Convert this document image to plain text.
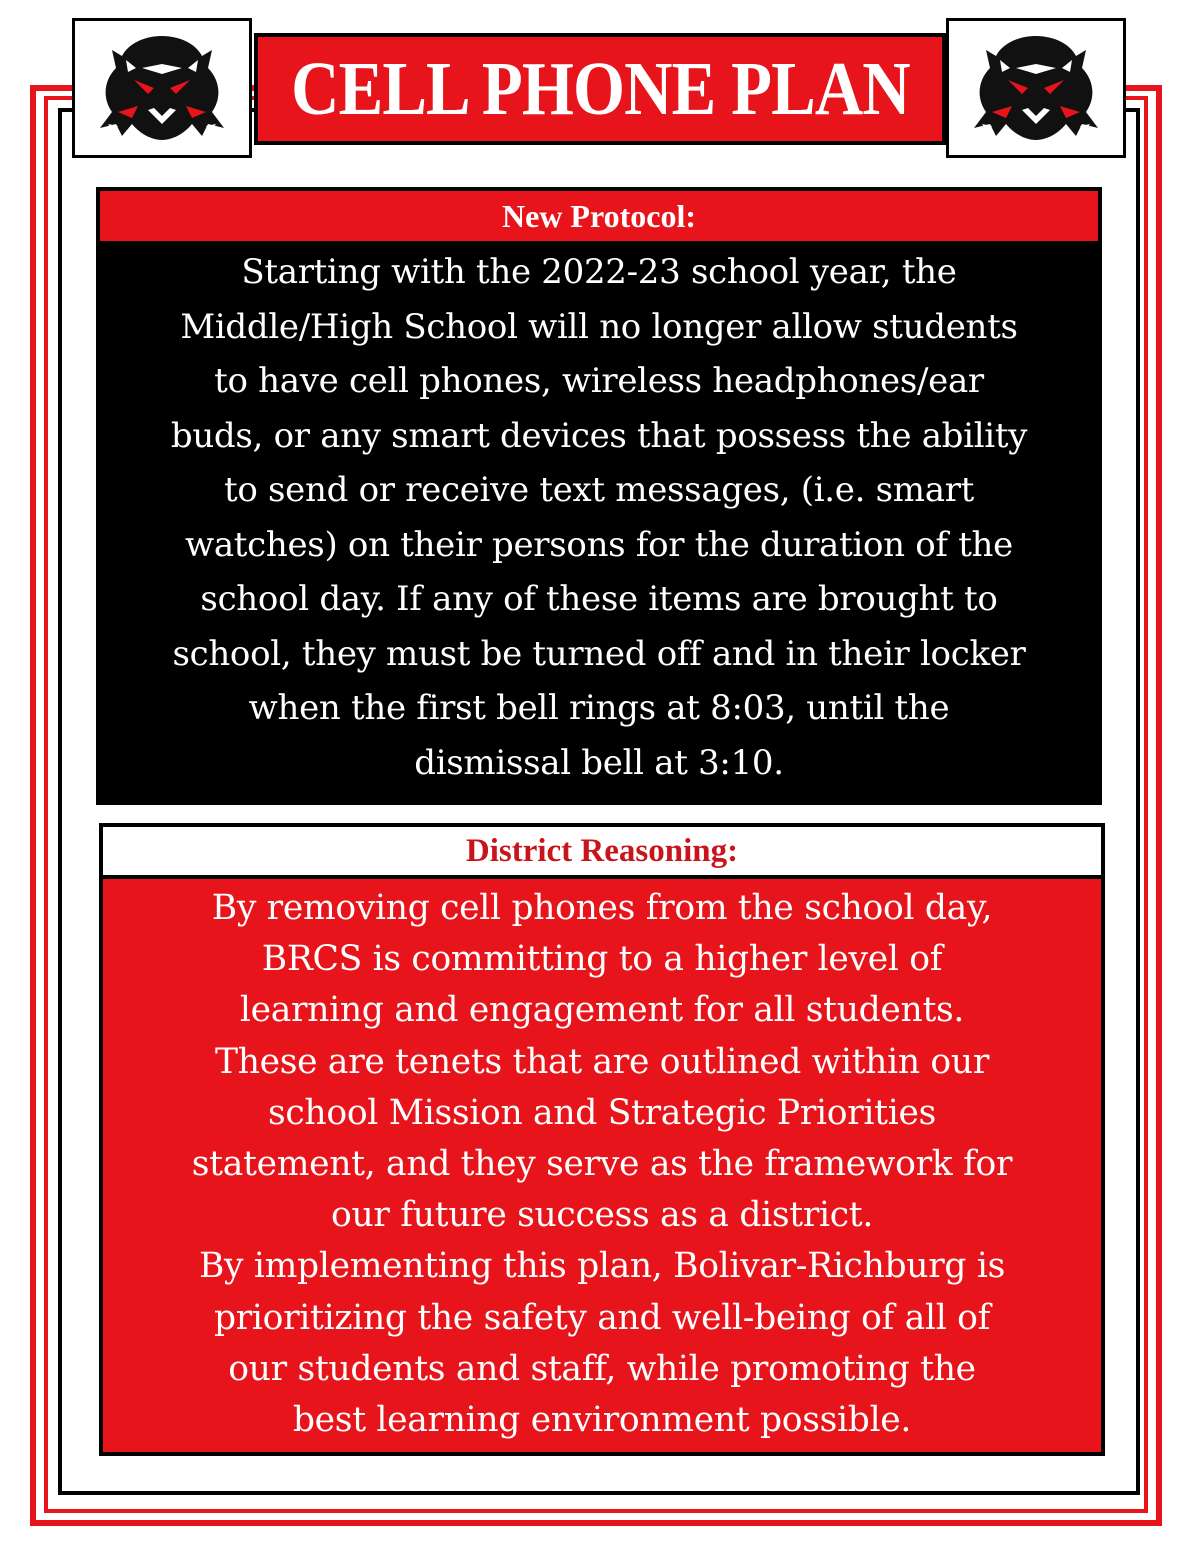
CELL PHONE PLAN
New Protocol:
Starting with the 2022-23 school year, the
Middle/High School will no longer allow students
to have cell phones, wireless headphones/ear
buds, or any smart devices that possess the ability
to send or receive text messages, (i.e. smart
watches) on their persons for the duration of the
school day. If any of these items are brought to
school, they must be turned off and in their locker
when the first bell rings at 8:03, until the
dismissal bell at 3:10.
District Reasoning:
By removing cell phones from the school day,
BRCS is committing to a higher level of
learning and engagement for all students.
These are tenets that are outlined within our
school Mission and Strategic Priorities
statement, and they serve as the framework for
our future success as a district.
By implementing this plan, Bolivar-Richburg is
prioritizing the safety and well-being of all of
our students and staff, while promoting the
best learning environment possible.
